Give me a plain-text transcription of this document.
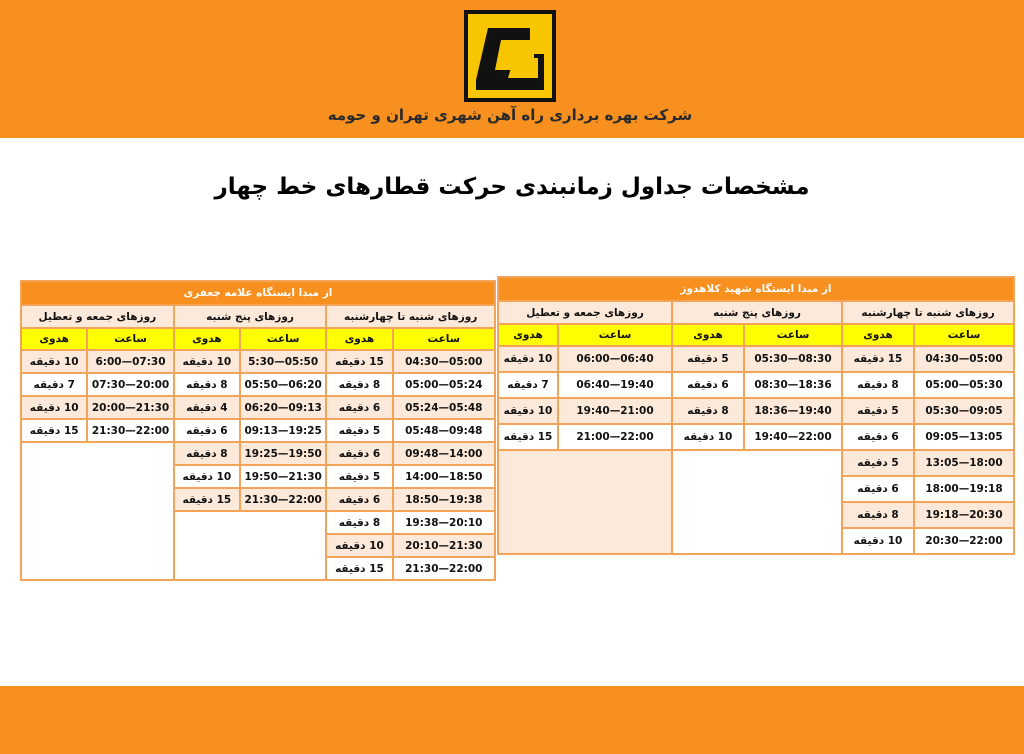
شرکت بهره برداری راه آهن شهری تهران و حومه
مشخصات جداول زمانبندی حرکت قطارهای خط چهار
از مبدا ایستگاه علامه جعفری					
روزهای شنبه تا چهارشنبه		روزهای پنج شنبه		روزهای جمعه و تعطیل	
ساعت	هدوی	ساعت	هدوی	ساعت	هدوی
05:00—04:30	15 دقیقه	05:50—5:30	10 دقیقه	07:30—6:00	10 دقیقه
05:24—05:00	8 دقیقه	06:20—05:50	8 دقیقه	20:00—07:30	7 دقیقه
05:48—05:24	6 دقیقه	09:13—06:20	4 دقیقه	21:30—20:00	10 دقیقه
09:48—05:48	5 دقیقه	19:25—09:13	6 دقیقه	22:00—21:30	15 دقیقه
14:00—09:48	6 دقیقه	19:50—19:25	8 دقیقه		
18:50—14:00	5 دقیقه	21:30—19:50	10 دقیقه		
19:38—18:50	6 دقیقه	22:00—21:30	15 دقیقه		
20:10—19:38	8 دقیقه				
21:30—20:10	10 دقیقه				
22:00—21:30	15 دقیقه				
از مبدا ایستگاه شهید کلاهدوز					
روزهای شنبه تا چهارشنبه		روزهای پنج شنبه		روزهای جمعه و تعطیل	
ساعت	هدوی	ساعت	هدوی	ساعت	هدوی
05:00—04:30	15 دقیقه	08:30—05:30	5 دقیقه	06:40—06:00	10 دقیقه
05:30—05:00	8 دقیقه	18:36—08:30	6 دقیقه	19:40—06:40	7 دقیقه
09:05—05:30	5 دقیقه	19:40—18:36	8 دقیقه	21:00—19:40	10 دقیقه
13:05—09:05	6 دقیقه	22:00—19:40	10 دقیقه	22:00—21:00	15 دقیقه
18:00—13:05	5 دقیقه				
19:18—18:00	6 دقیقه				
20:30—19:18	8 دقیقه				
22:00—20:30	10 دقیقه				
